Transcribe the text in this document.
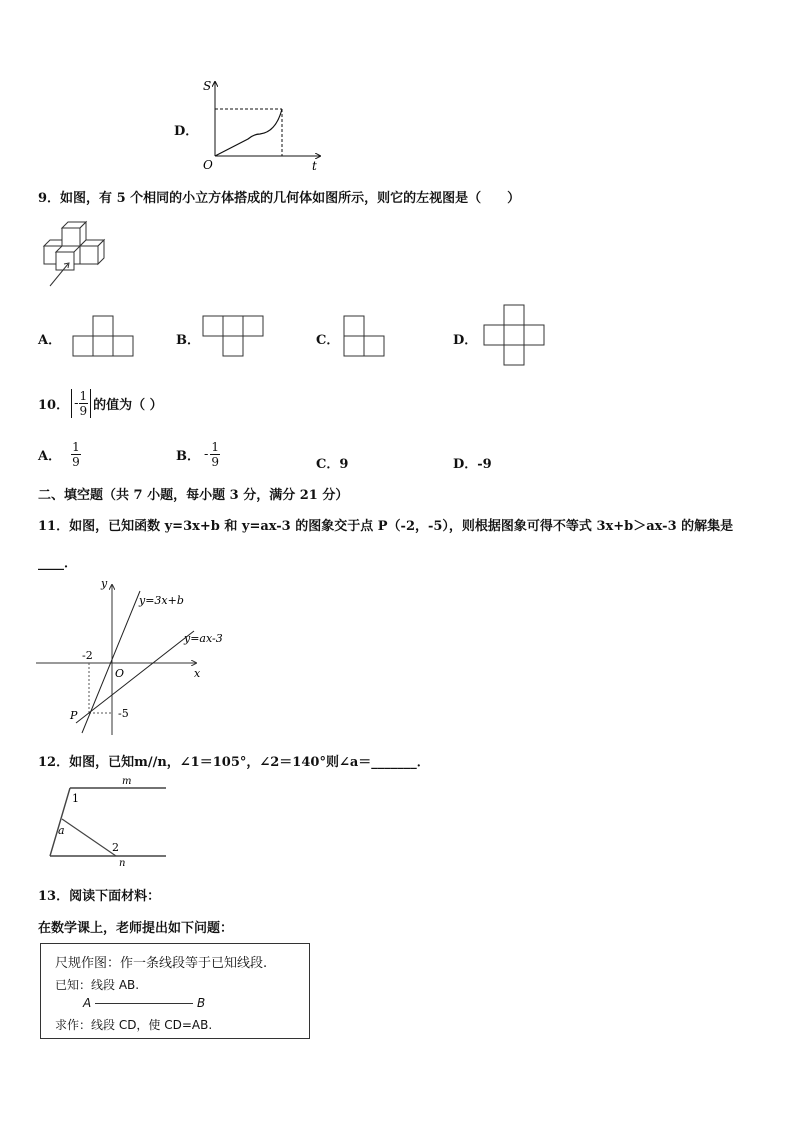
D．
S
t
O
9．如图，有 5 个相同的小立方体搭成的几何体如图所示，则它的左视图是（　　）
A．	B．	C．	D．
10． - $\frac{1}{9}$ 的值为（ ）
A． $\frac{1}{9}$	B． - $\frac{1}{9}$	C．9	D．-9
二、填空题（共 7 小题，每小题 3 分，满分 21 分）
11．如图，已知函数 y=3x+b 和 y=ax-3 的图象交于点 P（-2，-5），则根据图象可得不等式 3x+b＞ax-3 的解集是
____．
y
x
O
y=3x+b
y=ax-3
-2
-5
P
12．如图，已知m//n，∠1＝105°，∠2＝140°则∠a＝_______．
m
n
1
2
a
13．阅读下面材料：
在数学课上，老师提出如下问题：
尺规作图：作一条线段等于已知线段.
已知：线段 AB.
A	B
求作：线段 CD，使 CD=AB.
